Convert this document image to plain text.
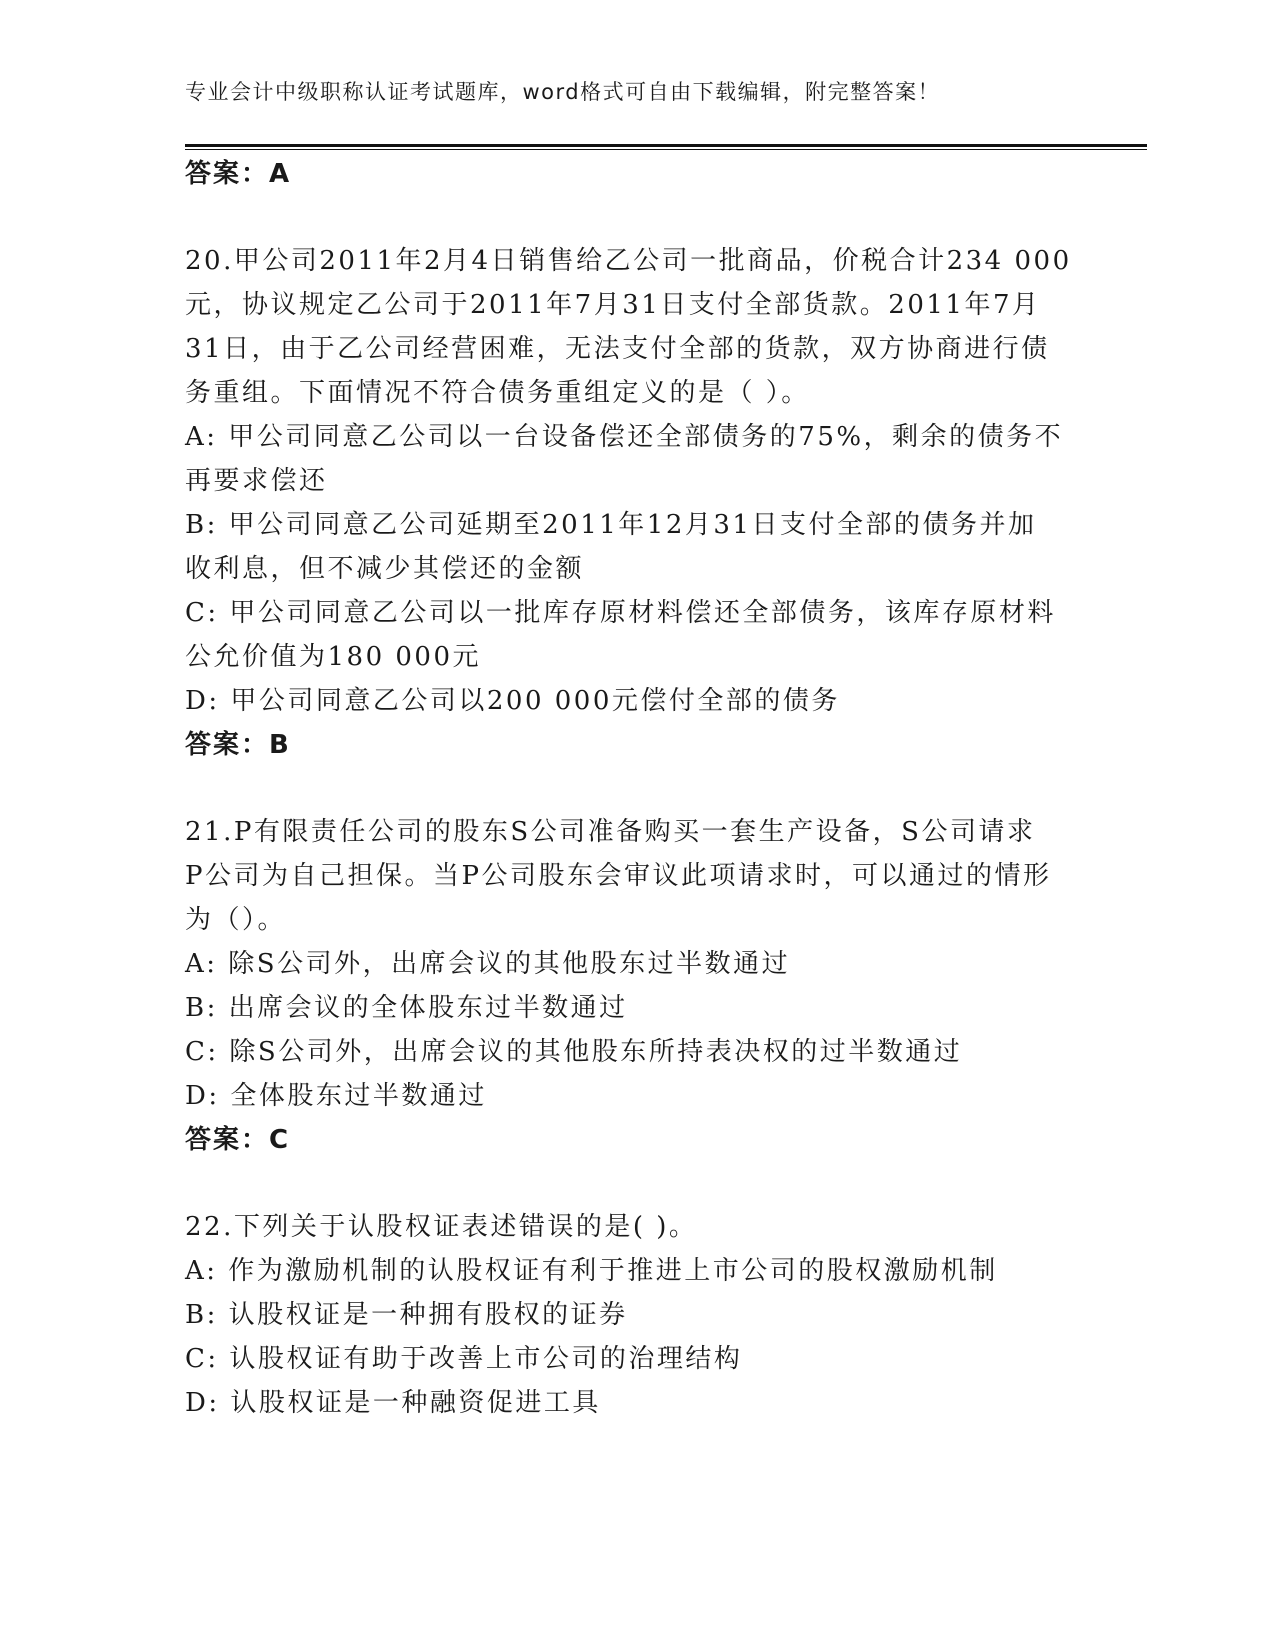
专业会计中级职称认证考试题库，word格式可自由下载编辑，附完整答案！
答案：A
20.甲公司2011年2月4日销售给乙公司一批商品，价税合计234 000
元，协议规定乙公司于2011年7月31日支付全部货款。2011年7月
31日，由于乙公司经营困难，无法支付全部的货款，双方协商进行债
务重组。下面情况不符合债务重组定义的是（ ）。
A: 甲公司同意乙公司以一台设备偿还全部债务的75%，剩余的债务不
再要求偿还
B: 甲公司同意乙公司延期至2011年12月31日支付全部的债务并加
收利息，但不减少其偿还的金额
C: 甲公司同意乙公司以一批库存原材料偿还全部债务，该库存原材料
公允价值为180 000元
D: 甲公司同意乙公司以200 000元偿付全部的债务
答案：B
21.P有限责任公司的股东S公司准备购买一套生产设备，S公司请求
P公司为自己担保。当P公司股东会审议此项请求时，可以通过的情形
为（）。
A: 除S公司外，出席会议的其他股东过半数通过
B: 出席会议的全体股东过半数通过
C: 除S公司外，出席会议的其他股东所持表决权的过半数通过
D: 全体股东过半数通过
答案：C
22.下列关于认股权证表述错误的是( )。
A: 作为激励机制的认股权证有利于推进上市公司的股权激励机制
B: 认股权证是一种拥有股权的证券
C: 认股权证有助于改善上市公司的治理结构
D: 认股权证是一种融资促进工具
